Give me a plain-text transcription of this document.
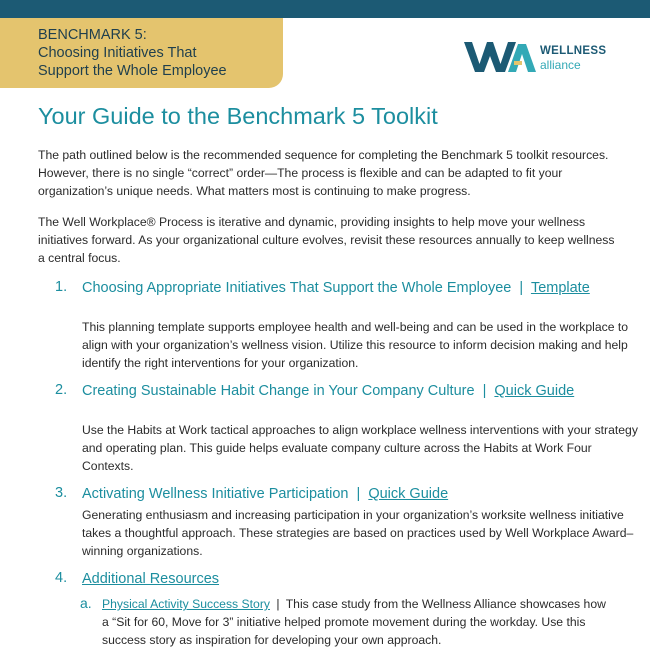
BENCHMARK 5:
Choosing Initiatives That
Support the Whole Employee
WELLNESS
alliance
Your Guide to the Benchmark 5 Toolkit

The path outlined below is the recommended sequence for completing the Benchmark 5 toolkit resources. However, there is no single “correct” order—The process is flexible and can be adapted to fit your organization’s unique needs. What matters most is continuing to make progress.

The Well Workplace® Process is iterative and dynamic, providing insights to help move your wellness initiatives forward. As your organizational culture evolves, revisit these resources annually to keep wellness a central focus.

1. Choosing Appropriate Initiatives That Support the Whole Employee | Template
This planning template supports employee health and well-being and can be used in the workplace to align with your organization’s wellness vision. Utilize this resource to inform decision making and help identify the right interventions for your organization.
2. Creating Sustainable Habit Change in Your Company Culture | Quick Guide
Use the Habits at Work tactical approaches to align workplace wellness interventions with your strategy and operating plan. This guide helps evaluate company culture across the Habits at Work Four Contexts.
3. Activating Wellness Initiative Participation | Quick Guide
Generating enthusiasm and increasing participation in your organization’s worksite wellness initiative takes a thoughtful approach. These strategies are based on practices used by Well Workplace Award–winning organizations.
4. Additional Resources
a. Physical Activity Success Story | This case study from the Wellness Alliance showcases how a “Sit for 60, Move for 3” initiative helped promote movement during the workday. Use this success story as inspiration for developing your own approach.
